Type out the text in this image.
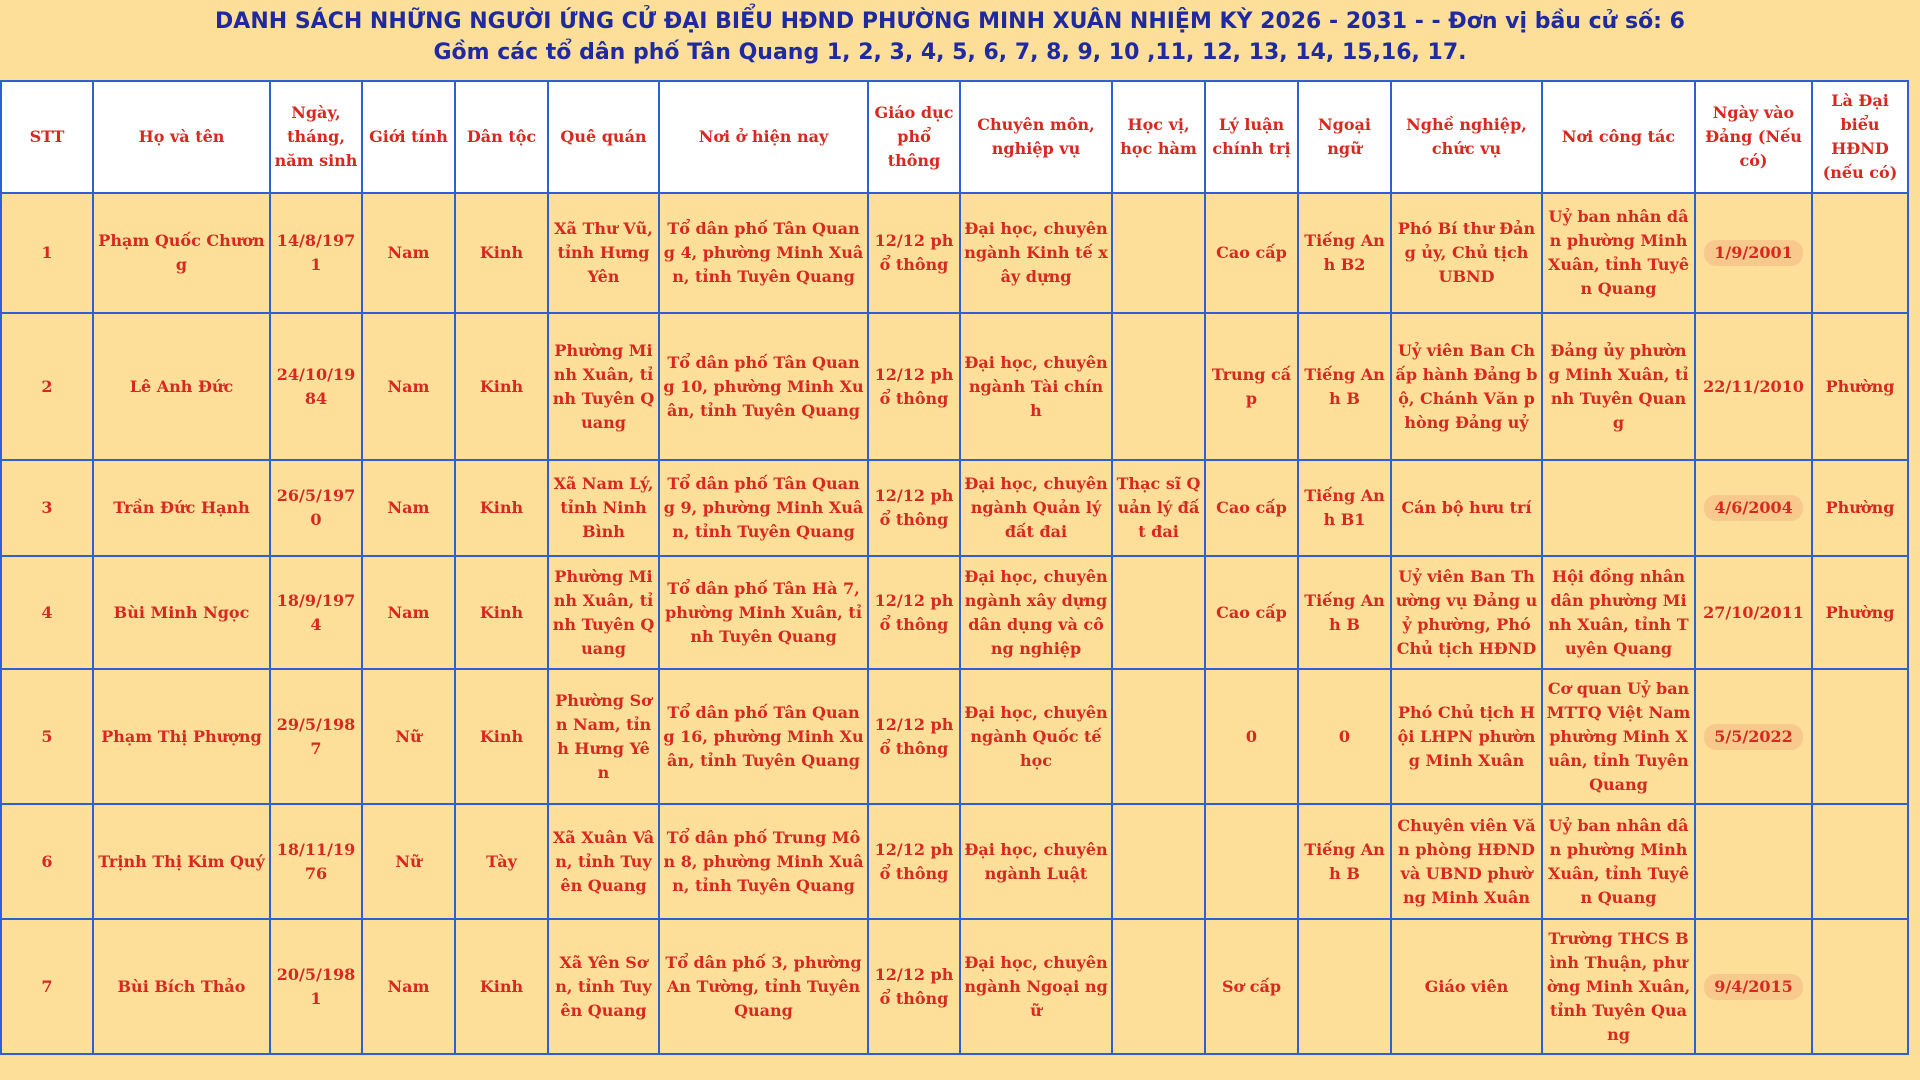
DANH SÁCH NHỮNG NGƯỜI ỨNG CỬ ĐẠI BIỂU HĐND PHƯỜNG MINH XUÂN NHIỆM KỲ 2026 - 2031 - - Đơn vị bầu cử số: 6
Gồm các tổ dân phố Tân Quang 1, 2, 3, 4, 5, 6, 7, 8, 9, 10 ,11, 12, 13, 14, 15,16, 17.
STT	Họ và tên	Ngày, tháng, năm sinh	Giới tính	Dân tộc	Quê quán	Nơi ở hiện nay	Giáo dục phổ thông	Chuyên môn, nghiệp vụ	Học vị, học hàm	Lý luận chính trị	Ngoại ngữ	Nghề nghiệp, chức vụ	Nơi công tác	Ngày vào Đảng (Nếu có)	Là Đại biểu HĐND (nếu có)
1	Phạm Quốc Chương	14/8/1971	Nam	Kinh	Xã Thư Vũ, tỉnh Hưng Yên	Tổ dân phố Tân Quang 4, phường Minh Xuân, tỉnh Tuyên Quang	12/12 phổ thông	Đại học, chuyên ngành Kinh tế xây dựng		Cao cấp	Tiếng Anh B2	Phó Bí thư Đảng ủy, Chủ tịch UBND	Uỷ ban nhân dân phường Minh Xuân, tỉnh Tuyên Quang	1/9/2001	
2	Lê Anh Đức	24/10/1984	Nam	Kinh	Phường Minh Xuân, tỉnh Tuyên Quang	Tổ dân phố Tân Quang 10, phường Minh Xuân, tỉnh Tuyên Quang	12/12 phổ thông	Đại học, chuyên ngành Tài chính		Trung cấp	Tiếng Anh B	Uỷ viên Ban Chấp hành Đảng bộ, Chánh Văn phòng Đảng uỷ	Đảng ủy phường Minh Xuân, tỉnh Tuyên Quang	22/11/2010	Phường
3	Trần Đức Hạnh	26/5/1970	Nam	Kinh	Xã Nam Lý, tỉnh Ninh Bình	Tổ dân phố Tân Quang 9, phường Minh Xuân, tỉnh Tuyên Quang	12/12 phổ thông	Đại học, chuyên ngành Quản lý đất đai	Thạc sĩ Quản lý đất đai	Cao cấp	Tiếng Anh B1	Cán bộ hưu trí		4/6/2004	Phường
4	Bùi Minh Ngọc	18/9/1974	Nam	Kinh	Phường Minh Xuân, tỉnh Tuyên Quang	Tổ dân phố Tân Hà 7, phường Minh Xuân, tỉnh Tuyên Quang	12/12 phổ thông	Đại học, chuyên ngành xây dựng dân dụng và công nghiệp		Cao cấp	Tiếng Anh B	Uỷ viên Ban Thường vụ Đảng uỷ phường, Phó Chủ tịch HĐND	Hội đồng nhân dân phường Minh Xuân, tỉnh Tuyên Quang	27/10/2011	Phường
5	Phạm Thị Phượng	29/5/1987	Nữ	Kinh	Phường Sơn Nam, tỉnh Hưng Yên	Tổ dân phố Tân Quang 16, phường Minh Xuân, tỉnh Tuyên Quang	12/12 phổ thông	Đại học, chuyên ngành Quốc tế học		0	0	Phó Chủ tịch Hội LHPN phường Minh Xuân	Cơ quan Uỷ ban MTTQ Việt Nam phường Minh Xuân, tỉnh Tuyên Quang	5/5/2022	
6	Trịnh Thị Kim Quý	18/11/1976	Nữ	Tày	Xã Xuân Vân, tỉnh Tuyên Quang	Tổ dân phố Trung Môn 8, phường Minh Xuân, tỉnh Tuyên Quang	12/12 phổ thông	Đại học, chuyên ngành Luật			Tiếng Anh B	Chuyên viên Văn phòng HĐND và UBND phường Minh Xuân	Uỷ ban nhân dân phường Minh Xuân, tỉnh Tuyên Quang		
7	Bùi Bích Thảo	20/5/1981	Nam	Kinh	Xã Yên Sơn, tỉnh Tuyên Quang	Tổ dân phố 3, phường An Tường, tỉnh Tuyên Quang	12/12 phổ thông	Đại học, chuyên ngành Ngoại ngữ		Sơ cấp		Giáo viên	Trường THCS Bình Thuận, phường Minh Xuân, tỉnh Tuyên Quang	9/4/2015	
